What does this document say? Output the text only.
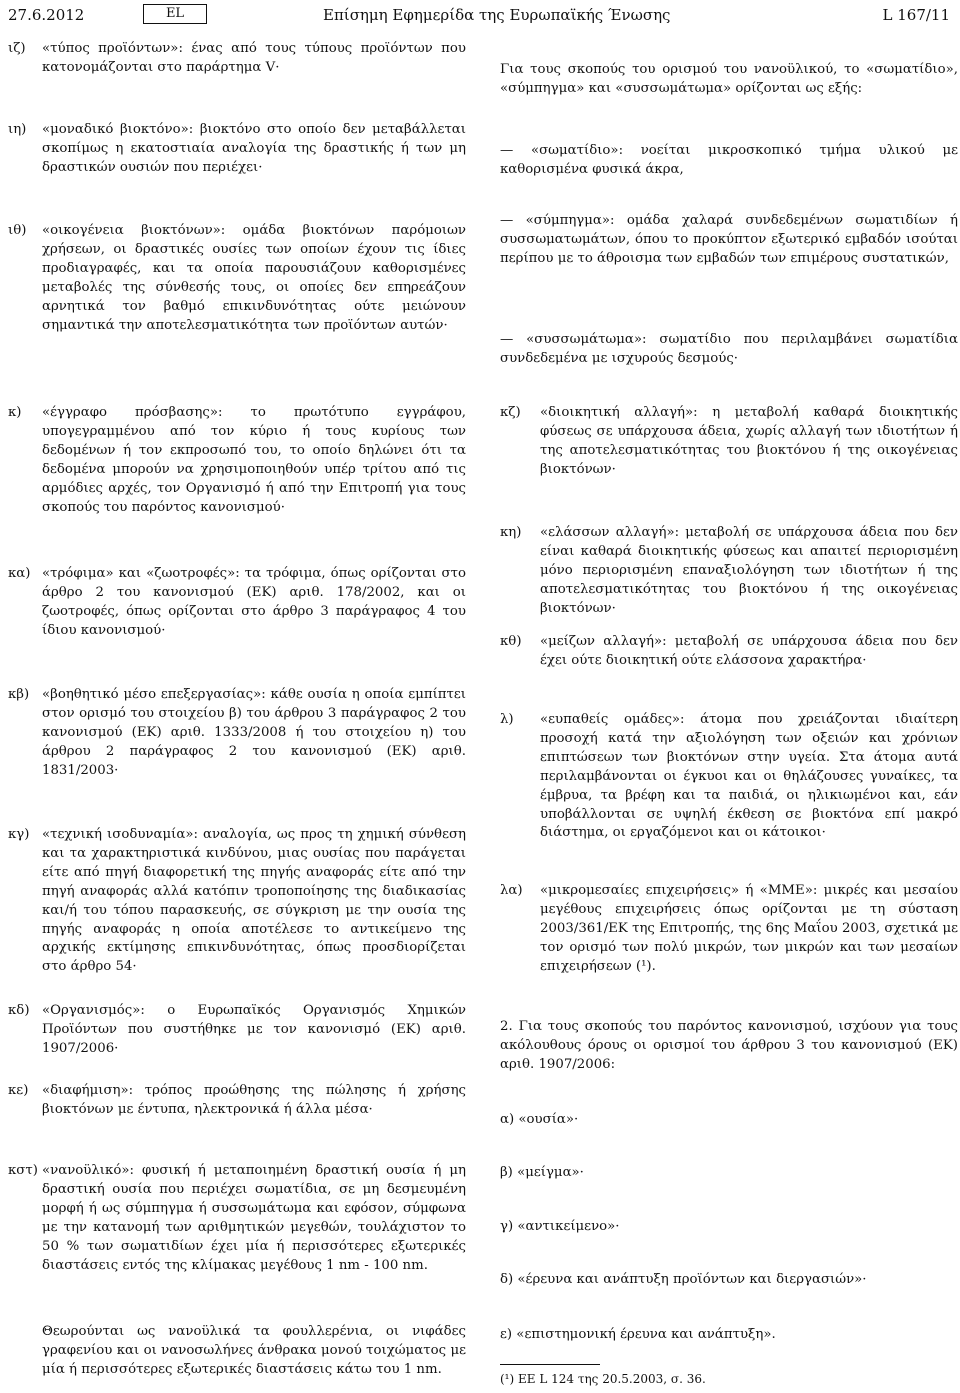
27.6.2012	EL	Επίσημη Εφημερίδα της Ευρωπαϊκής Ένωσης	L 167/11
ιζ) «τύπος προϊόντων»: ένας από τους τύπους προϊόντων που κατονομάζονται στο παράρτημα V·
ιη) «μοναδικό βιοκτόνο»: βιοκτόνο στο οποίο δεν μεταβάλλεται σκοπίμως η εκατοστιαία αναλογία της δραστικής ή των μη δραστικών ουσιών που περιέχει·
ιθ) «οικογένεια βιοκτόνων»: ομάδα βιοκτόνων παρόμοιων χρήσεων, οι δραστικές ουσίες των οποίων έχουν τις ίδιες προδιαγραφές, και τα οποία παρουσιάζουν καθορισμένες μεταβολές της σύνθεσής τους, οι οποίες δεν επηρεάζουν αρνητικά τον βαθμό επικινδυνότητας ούτε μειώνουν σημαντικά την αποτελεσματικότητα των προϊόντων αυτών·
κ) «έγγραφο πρόσβασης»: το πρωτότυπο εγγράφου, υπογεγραμμένου από τον κύριο ή τους κυρίους των δεδομένων ή τον εκπροσωπό του, το οποίο δηλώνει ότι τα δεδομένα μπορούν να χρησιμοποιηθούν υπέρ τρίτου από τις αρμόδιες αρχές, τον Οργανισμό ή από την Επιτροπή για τους σκοπούς του παρόντος κανονισμού·
κα) «τρόφιμα» και «ζωοτροφές»: τα τρόφιμα, όπως ορίζονται στο άρθρο 2 του κανονισμού (ΕΚ) αριθ. 178/2002, και οι ζωοτροφές, όπως ορίζονται στο άρθρο 3 παράγραφος 4 του ίδιου κανονισμού·
κβ) «βοηθητικό μέσο επεξεργασίας»: κάθε ουσία η οποία εμπίπτει στον ορισμό του στοιχείου β) του άρθρου 3 παράγραφος 2 του κανονισμού (ΕΚ) αριθ. 1333/2008 ή του στοιχείου η) του άρθρου 2 παράγραφος 2 του κανονισμού (ΕΚ) αριθ. 1831/2003·
κγ) «τεχνική ισοδυναμία»: αναλογία, ως προς τη χημική σύνθεση και τα χαρακτηριστικά κινδύνου, μιας ουσίας που παράγεται είτε από πηγή διαφορετική της πηγής αναφοράς είτε από την πηγή αναφοράς αλλά κατόπιν τροποποίησης της διαδικασίας και/ή του τόπου παρασκευής, σε σύγκριση με την ουσία της πηγής αναφοράς η οποία αποτέλεσε το αντικείμενο της αρχικής εκτίμησης επικινδυνότητας, όπως προσδιορίζεται στο άρθρο 54·
κδ) «Οργανισμός»: ο Ευρωπαϊκός Οργανισμός Χημικών Προϊόντων που συστήθηκε με τον κανονισμό (ΕΚ) αριθ. 1907/2006·
κε) «διαφήμιση»: τρόπος προώθησης της πώλησης ή χρήσης βιοκτόνων με έντυπα, ηλεκτρονικά ή άλλα μέσα·
κστ) «νανοϋλικό»: φυσική ή μεταποιημένη δραστική ουσία ή μη δραστική ουσία που περιέχει σωματίδια, σε μη δεσμευμένη μορφή ή ως σύμπηγμα ή συσσωμάτωμα και εφόσον, σύμφωνα με την κατανομή των αριθμητικών μεγεθών, τουλάχιστον το 50 % των σωματιδίων έχει μία ή περισσότερες εξωτερικές διαστάσεις εντός της κλίμακας μεγέθους 1 nm - 100 nm.
Θεωρούνται ως νανοϋλικά τα φουλλερένια, οι νιφάδες γραφενίου και οι νανοσωλήνες άνθρακα μονού τοιχώματος με μία ή περισσότερες εξωτερικές διαστάσεις κάτω του 1 nm.
Για τους σκοπούς του ορισμού του νανοϋλικού, το «σωματίδιο», «σύμπηγμα» και «συσσωμάτωμα» ορίζονται ως εξής:
— «σωματίδιο»: νοείται μικροσκοπικό τμήμα υλικού με καθορισμένα φυσικά άκρα,
— «σύμπηγμα»: ομάδα χαλαρά συνδεδεμένων σωματιδίων ή συσσωματωμάτων, όπου το προκύπτον εξωτερικό εμβαδόν ισούται περίπου με το άθροισμα των εμβαδών των επιμέρους συστατικών,
— «συσσωμάτωμα»: σωματίδιο που περιλαμβάνει σωματίδια συνδεδεμένα με ισχυρούς δεσμούς·
κζ) «διοικητική αλλαγή»: η μεταβολή καθαρά διοικητικής φύσεως σε υπάρχουσα άδεια, χωρίς αλλαγή των ιδιοτήτων ή της αποτελεσματικότητας του βιοκτόνου ή της οικογένειας βιοκτόνων·
κη) «ελάσσων αλλαγή»: μεταβολή σε υπάρχουσα άδεια που δεν είναι καθαρά διοικητικής φύσεως και απαιτεί περιορισμένη μόνο περιορισμένη επαναξιολόγηση των ιδιοτήτων ή της αποτελεσματικότητας του βιοκτόνου ή της οικογένειας βιοκτόνων·
κθ) «μείζων αλλαγή»: μεταβολή σε υπάρχουσα άδεια που δεν έχει ούτε διοικητική ούτε ελάσσονα χαρακτήρα·
λ) «ευπαθείς ομάδες»: άτομα που χρειάζονται ιδιαίτερη προσοχή κατά την αξιολόγηση των οξειών και χρόνιων επιπτώσεων των βιοκτόνων στην υγεία. Στα άτομα αυτά περιλαμβάνονται οι έγκυοι και οι θηλάζουσες γυναίκες, τα έμβρυα, τα βρέφη και τα παιδιά, οι ηλικιωμένοι και, εάν υποβάλλονται σε υψηλή έκθεση σε βιοκτόνα επί μακρό διάστημα, οι εργαζόμενοι και οι κάτοικοι·
λα) «μικρομεσαίες επιχειρήσεις» ή «ΜΜΕ»: μικρές και μεσαίου μεγέθους επιχειρήσεις όπως ορίζονται με τη σύσταση 2003/361/ΕΚ της Επιτροπής, της 6ης Μαΐου 2003, σχετικά με τον ορισμό των πολύ μικρών, των μικρών και των μεσαίων επιχειρήσεων (¹).
2. Για τους σκοπούς του παρόντος κανονισμού, ισχύουν για τους ακόλουθους όρους οι ορισμοί του άρθρου 3 του κανονισμού (ΕΚ) αριθ. 1907/2006:
α) «ουσία»·
β) «μείγμα»·
γ) «αντικείμενο»·
δ) «έρευνα και ανάπτυξη προϊόντων και διεργασιών»·
ε) «επιστημονική έρευνα και ανάπτυξη».
(¹) ΕΕ L 124 της 20.5.2003, σ. 36.
